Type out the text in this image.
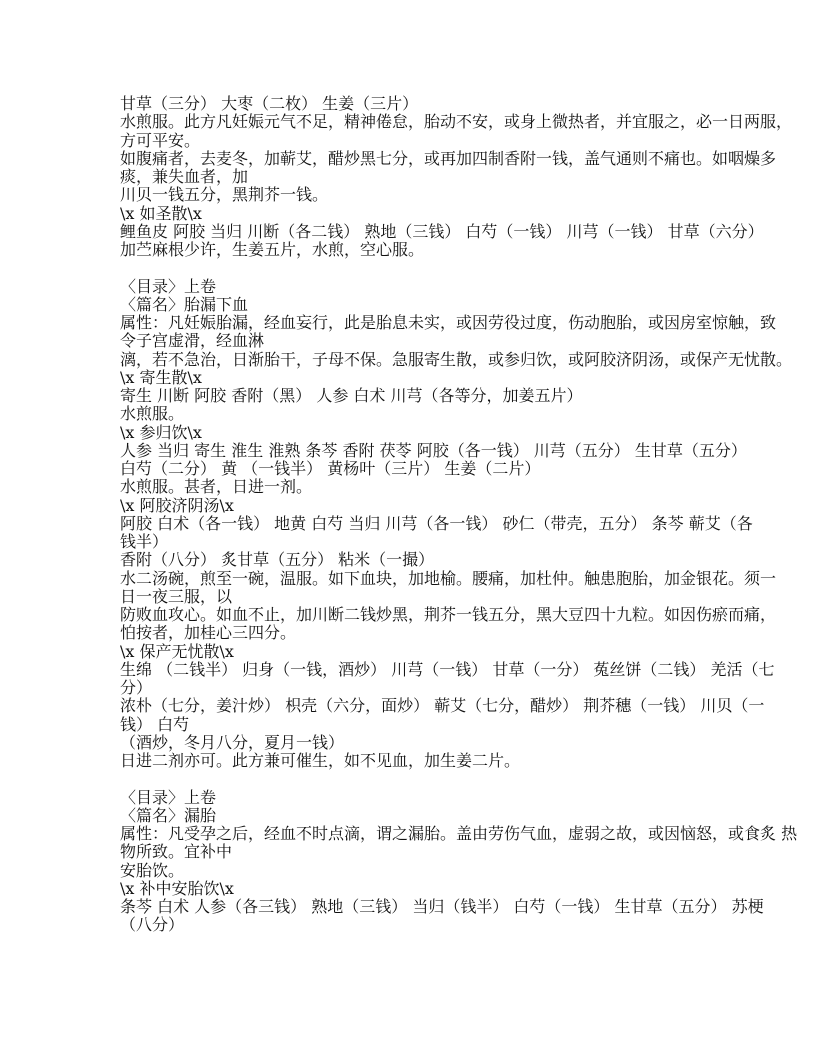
甘草（三分） 大枣（二枚） 生姜（三片）
水煎服。此方凡妊娠元气不足，精神倦怠，胎动不安，或身上微热者，并宜服之，必一日两服，
方可平安。
如腹痛者，去麦冬，加蕲艾，醋炒黑七分，或再加四制香附一钱，盖气通则不痛也。如咽燥多
痰，兼失血者，加
川贝一钱五分，黑荆芥一钱。
\x 如圣散\x
鲤鱼皮 阿胶 当归 川断（各二钱） 熟地（三钱） 白芍（一钱） 川芎（一钱） 甘草（六分）
加苎麻根少许，生姜五片，水煎，空心服。
〈目录〉上卷
〈篇名〉胎漏下血
属性：凡妊娠胎漏，经血妄行，此是胎息未实，或因劳役过度，伤动胞胎，或因房室惊触，致
令子宫虚滑，经血淋
漓，若不急治，日渐胎干，子母不保。急服寄生散，或参归饮，或阿胶济阴汤，或保产无忧散。
\x 寄生散\x
寄生 川断 阿胶 香附（黑） 人参 白术 川芎（各等分，加姜五片）
水煎服。
\x 参归饮\x
人参 当归 寄生 淮生 淮熟 条芩 香附 茯苓 阿胶（各一钱） 川芎（五分） 生甘草（五分）
白芍（二分） 黄 （一钱半） 黄杨叶（三片） 生姜（二片）
水煎服。甚者，日进一剂。
\x 阿胶济阴汤\x
阿胶 白术（各一钱） 地黄 白芍 当归 川芎（各一钱） 砂仁（带壳，五分） 条芩 蕲艾（各
钱半）
香附（八分） 炙甘草（五分） 粘米（一撮）
水二汤碗，煎至一碗，温服。如下血块，加地榆。腰痛，加杜仲。触患胞胎，加金银花。须一
日一夜三服，以
防败血攻心。如血不止，加川断二钱炒黑，荆芥一钱五分，黑大豆四十九粒。如因伤瘀而痛，
怕按者，加桂心三四分。
\x 保产无忧散\x
生绵 （二钱半） 归身（一钱，酒炒） 川芎（一钱） 甘草（一分） 菟丝饼（二钱） 羌活（七
分）
浓朴（七分，姜汁炒） 枳壳（六分，面炒） 蕲艾（七分，醋炒） 荆芥穗（一钱） 川贝（一
钱） 白芍
（酒炒，冬月八分，夏月一钱）
日进二剂亦可。此方兼可催生，如不见血，加生姜二片。
〈目录〉上卷
〈篇名〉漏胎
属性：凡受孕之后，经血不时点滴，谓之漏胎。盖由劳伤气血，虚弱之故，或因恼怒，或食炙 热
物所致。宜补中
安胎饮。
\x 补中安胎饮\x
条芩 白术 人参（各三钱） 熟地（三钱） 当归（钱半） 白芍（一钱） 生甘草（五分） 苏梗
（八分）
